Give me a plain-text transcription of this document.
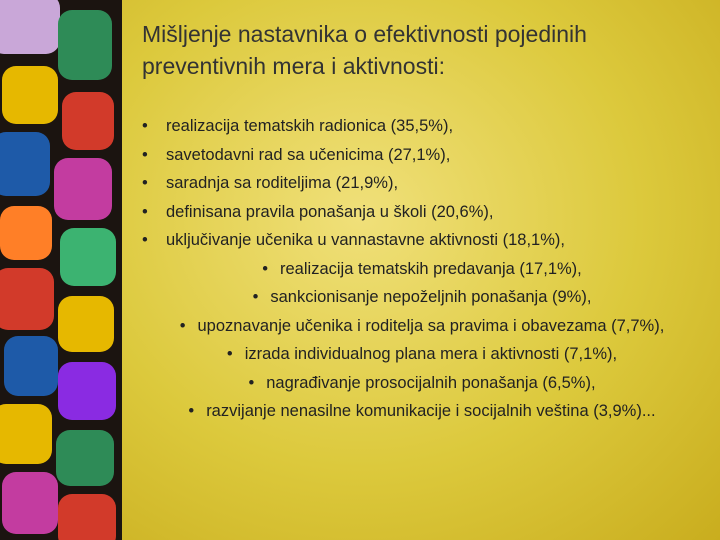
Mišljenje nastavnika o efektivnosti pojedinih preventivnih mera i aktivnosti:
• realizacija tematskih radionica (35,5%),
• savetodavni rad sa učenicima (27,1%),
• saradnja sa roditeljima (21,9%),
• definisana pravila ponašanja u školi (20,6%),
• uključivanje učenika u vannastavne aktivnosti (18,1%),
• realizacija tematskih predavanja (17,1%),
• sankcionisanje nepoželjnih ponašanja (9%),
• upoznavanje učenika i roditelja sa pravima i obavezama (7,7%),
• izrada individualnog plana mera i aktivnosti (7,1%),
• nagrađivanje prosocijalnih ponašanja (6,5%),
• razvijanje nenasilne komunikacije i socijalnih veština (3,9%)...
